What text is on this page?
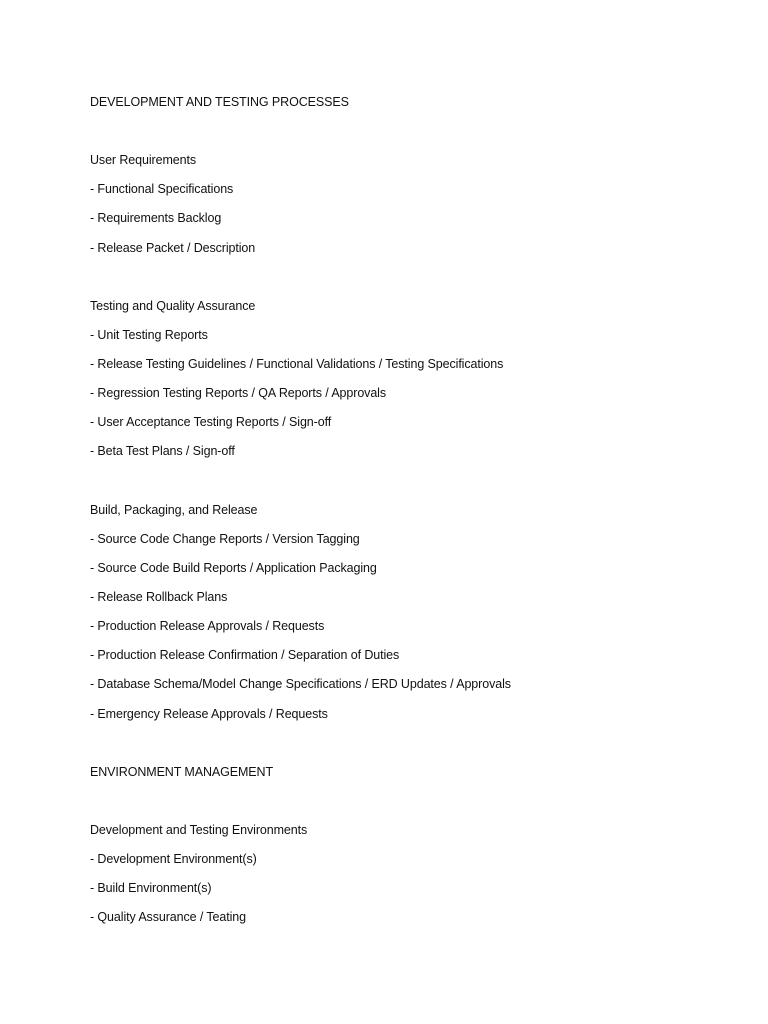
DEVELOPMENT AND TESTING PROCESSES
User Requirements
- Functional Specifications
- Requirements Backlog
- Release Packet / Description
Testing and Quality Assurance
- Unit Testing Reports
- Release Testing Guidelines / Functional Validations / Testing Specifications
- Regression Testing Reports / QA Reports / Approvals
- User Acceptance Testing Reports / Sign-off
- Beta Test Plans / Sign-off
Build, Packaging, and Release
- Source Code Change Reports / Version Tagging
- Source Code Build Reports / Application Packaging
- Release Rollback Plans
- Production Release Approvals / Requests
- Production Release Confirmation / Separation of Duties
- Database Schema/Model Change Specifications / ERD Updates / Approvals
- Emergency Release Approvals / Requests
ENVIRONMENT MANAGEMENT
Development and Testing Environments
- Development Environment(s)
- Build Environment(s)
- Quality Assurance / Teating
